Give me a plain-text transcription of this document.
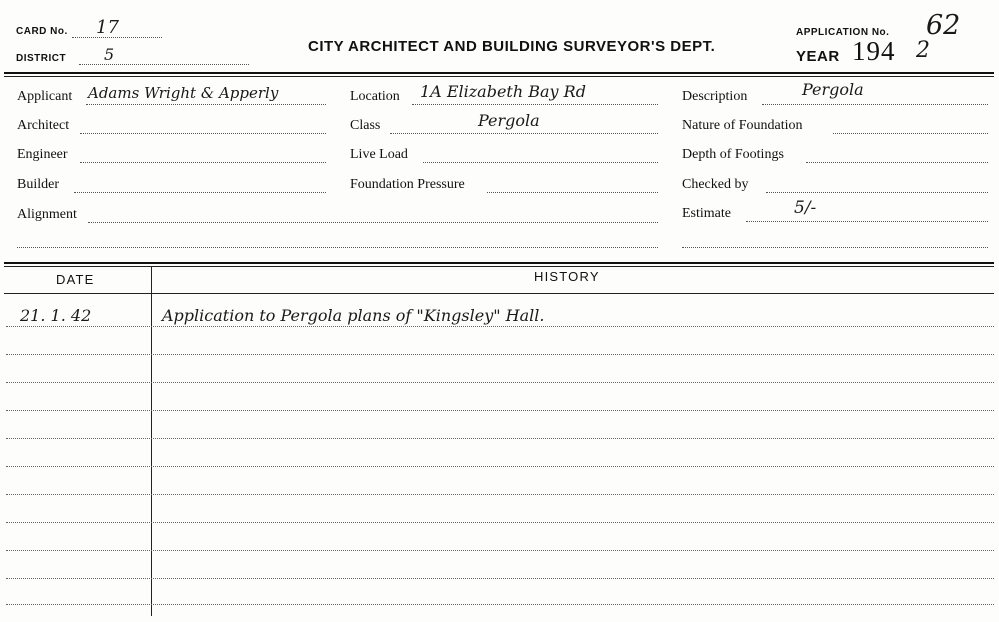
CARD No. 17
DISTRICT 5	CITY ARCHITECT AND BUILDING SURVEYOR'S DEPT.
APPLICATION No. 62
YEAR 194 2
Applicant Adams Wright & Apperly
Architect
Engineer
Builder
Alignment
Location 1A Elizabeth Bay Rd
Class	Pergola
Live Load
Foundation Pressure
Description	Pergola
Nature of Foundation
Depth of Footings
Checked by
Estimate	5/-
DATE	HISTORY
21. 1. 42	Application to Pergola plans of "Kingsley" Hall.
